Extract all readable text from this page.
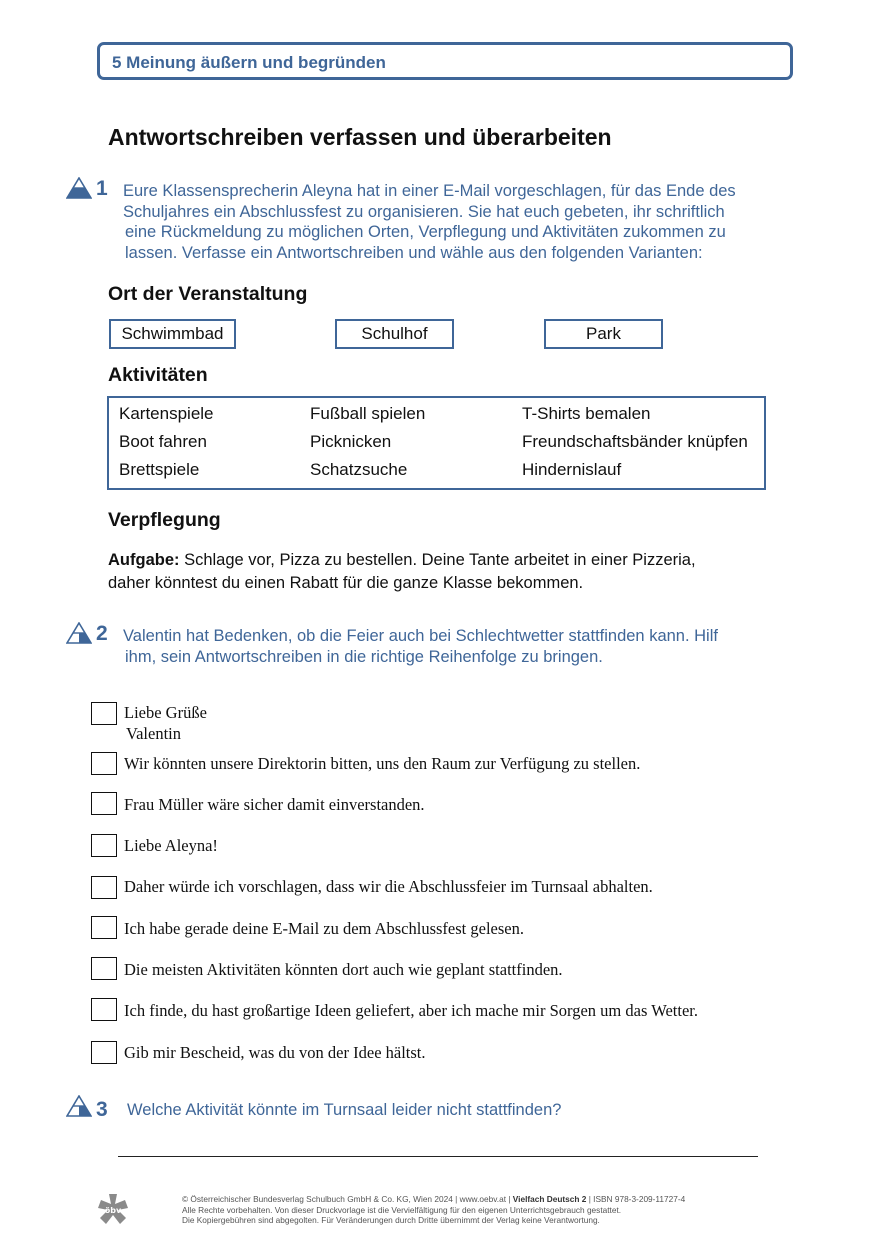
5 Meinung äußern und begründen
Antwortschreiben verfassen und überarbeiten
1 Eure Klassensprecherin Aleyna hat in einer E-Mail vorgeschlagen, für das Ende des
Schuljahres ein Abschlussfest zu organisieren. Sie hat euch gebeten, ihr schriftlich
eine Rückmeldung zu möglichen Orten, Verpflegung und Aktivitäten zukommen zu
lassen. Verfasse ein Antwortschreiben und wähle aus den folgenden Varianten:
Ort der Veranstaltung
Schwimmbad	Schulhof	Park
Aktivitäten
Kartenspiele	Fußball spielen	T-Shirts bemalen
Boot fahren	Picknicken	Freundschaftsbänder knüpfen
Brettspiele	Schatzsuche	Hindernislauf
Verpflegung
Aufgabe: Schlage vor, Pizza zu bestellen. Deine Tante arbeitet in einer Pizzeria,
daher könntest du einen Rabatt für die ganze Klasse bekommen.
2 Valentin hat Bedenken, ob die Feier auch bei Schlechtwetter stattfinden kann. Hilf
ihm, sein Antwortschreiben in die richtige Reihenfolge zu bringen.
Liebe Grüße
Valentin
Wir könnten unsere Direktorin bitten, uns den Raum zur Verfügung zu stellen.
Frau Müller wäre sicher damit einverstanden.
Liebe Aleyna!
Daher würde ich vorschlagen, dass wir die Abschlussfeier im Turnsaal abhalten.
Ich habe gerade deine E-Mail zu dem Abschlussfest gelesen.
Die meisten Aktivitäten könnten dort auch wie geplant stattfinden.
Ich finde, du hast großartige Ideen geliefert, aber ich mache mir Sorgen um das Wetter.
Gib mir Bescheid, was du von der Idee hältst.
3 Welche Aktivität könnte im Turnsaal leider nicht stattfinden?
öbv
© Österreichischer Bundesverlag Schulbuch GmbH & Co. KG, Wien 2024 | www.oebv.at | Vielfach Deutsch 2 | ISBN 978-3-209-11727-4
Alle Rechte vorbehalten. Von dieser Druckvorlage ist die Vervielfältigung für den eigenen Unterrichtsgebrauch gestattet.
Die Kopiergebühren sind abgegolten. Für Veränderungen durch Dritte übernimmt der Verlag keine Verantwortung.
